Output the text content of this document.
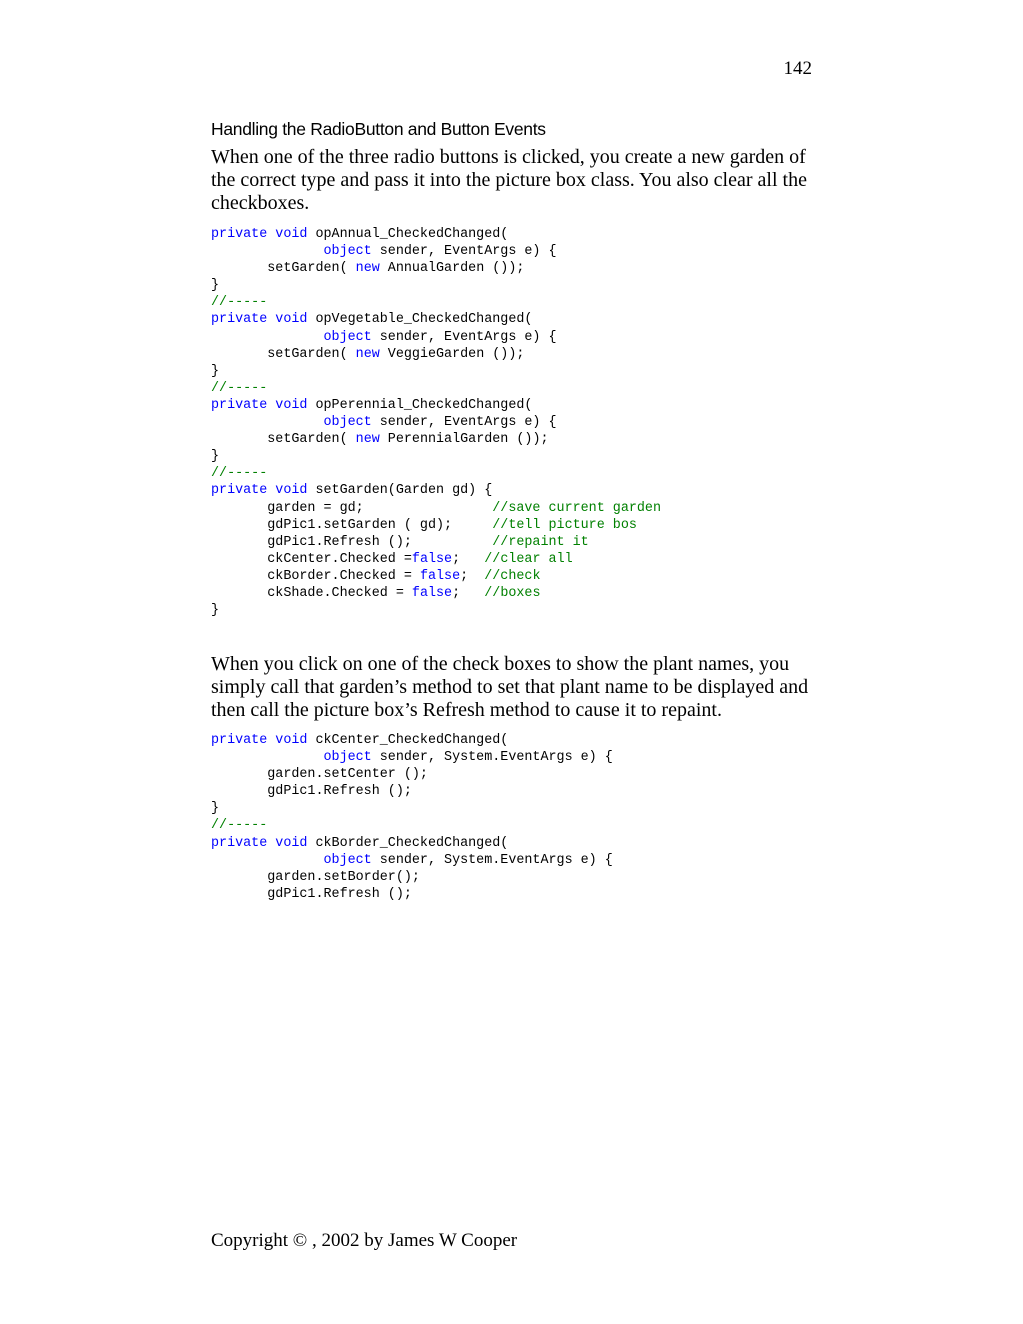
142
Handling the RadioButton and Button Events

When one of the three radio buttons is clicked, you create a new garden of the correct type and pass it into the picture box class. You also clear all the checkboxes.

private void opAnnual_CheckedChanged(
object sender, EventArgs e) {
setGarden( new AnnualGarden ());
}
//-----
private void opVegetable_CheckedChanged(
object sender, EventArgs e) {
setGarden( new VeggieGarden ());
}
//-----
private void opPerennial_CheckedChanged(
object sender, EventArgs e) {
setGarden( new PerennialGarden ());
}
//-----
private void setGarden(Garden gd) {
garden = gd;                //save current garden
gdPic1.setGarden ( gd);     //tell picture bos
gdPic1.Refresh ();          //repaint it
ckCenter.Checked =false;   //clear all
ckBorder.Checked = false;  //check
ckShade.Checked = false;   //boxes
}

When you click on one of the check boxes to show the plant names, you simply call that garden’s method to set that plant name to be displayed and then call the picture box’s Refresh method to cause it to repaint.

private void ckCenter_CheckedChanged(
object sender, System.EventArgs e) {
garden.setCenter ();
gdPic1.Refresh ();
}
//-----
private void ckBorder_CheckedChanged(
object sender, System.EventArgs e) {
garden.setBorder();
gdPic1.Refresh ();
Copyright © , 2002 by James W Cooper
